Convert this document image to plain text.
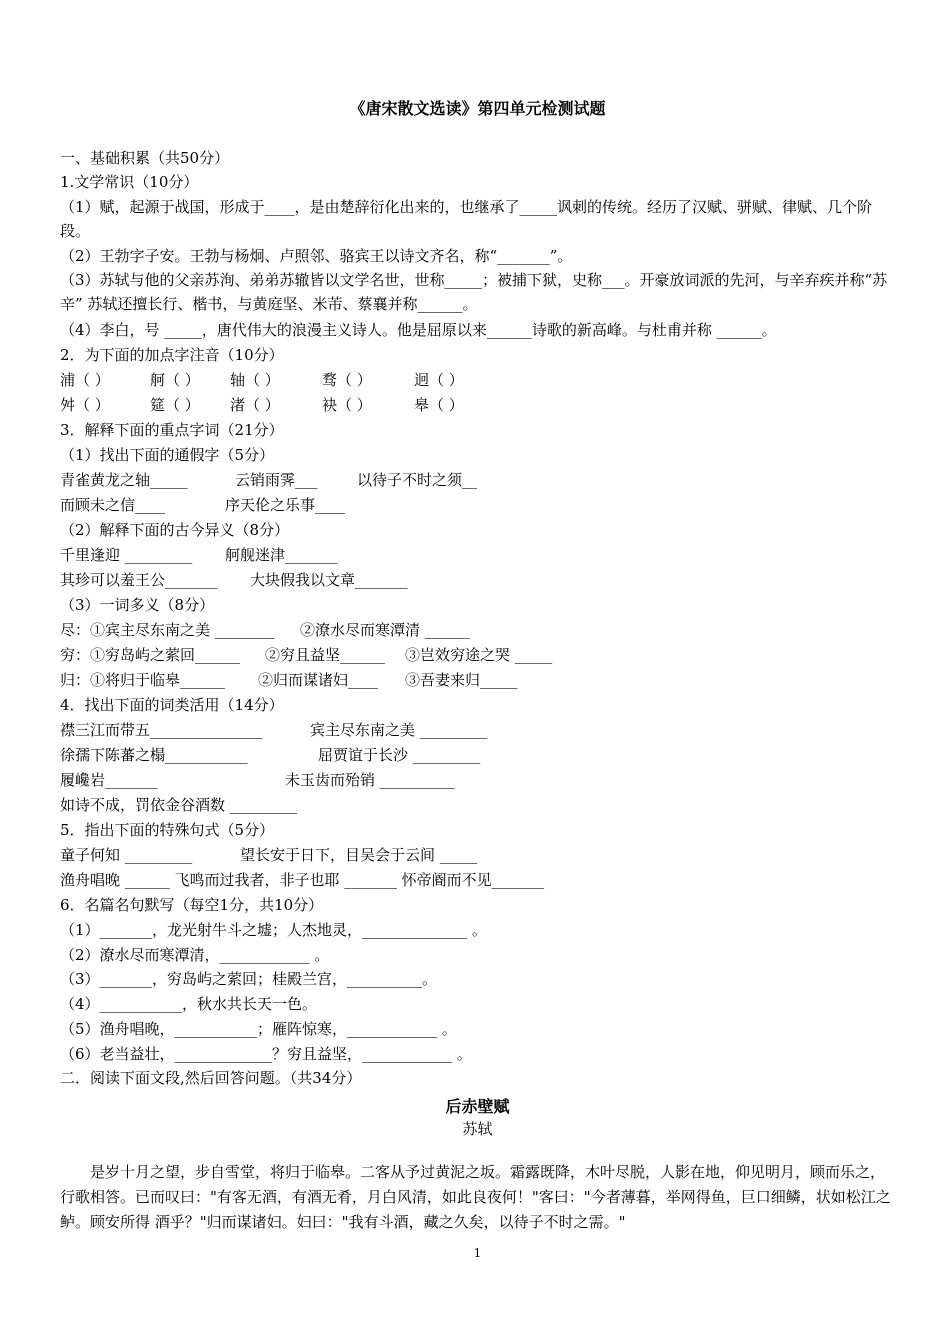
《唐宋散文选读》第四单元检测试题
一、基础积累（共50分）
1.文学常识（10分）
（1）赋，起源于战国，形成于____，是由楚辞衍化出来的，也继承了_____讽刺的传统。经历了汉赋、骈赋、律赋、几个阶段。
（2）王勃字子安。王勃与杨炯、卢照邻、骆宾王以诗文齐名，称“_______”。
（3）苏轼与他的父亲苏洵、弟弟苏辙皆以文学名世，世称_____；被捕下狱，史称___。开豪放词派的先河，与辛弃疾并称“苏辛” 苏轼还擅长行、楷书，与黄庭坚、米芾、蔡襄并称______。
（4）李白，号 _____，唐代伟大的浪漫主义诗人。他是屈原以来______诗歌的新高峰。与杜甫并称 ______。
2．为下面的加点字注音（10分）
浦（ ）	舸（ ） 轴（ ）	骛（ ）	迥（ ）
舛（ ）	筵（ ） 渚（ ）	袂（ ）	皋（ ）
3．解释下面的重点字词（21分）
（1）找出下面的通假字（5分）
青雀黄龙之轴_____	云销雨霁___	以待子不时之须__
而顾未之信____	序天伦之乐事____
（2）解释下面的古今异义（8分）
千里逢迎 _________ 舸舰迷津_______
其珍可以羞王公_______ 大块假我以文章_______
（3）一词多义（8分）
尽：①宾主尽东南之美 ________ ②潦水尽而寒潭清 ______
穷：①穷岛屿之萦回______ ②穷且益坚______ ③岂效穷途之哭 _____
归：①将归于临皋______ ②归而谋诸妇____ ③吾妻来归_____
4．找出下面的词类活用（14分）
襟三江而带五_______________	宾主尽东南之美 _________
徐孺下陈蕃之榻___________	屈贾谊于长沙 _________
履巉岩_______	未玉齿而殆销 __________
如诗不成，罚依金谷酒数 _________
5．指出下面的特殊句式（5分）
童子何知 _________	望长安于日下，目吴会于云间 _____
渔舟唱晚 ______ 飞鸣而过我者，非子也耶 _______ 怀帝阍而不见_______
6．名篇名句默写（每空1分，共10分）
（1）_______，龙光射牛斗之墟；人杰地灵，______________ 。
（2）潦水尽而寒潭清，____________ 。
（3）_______，穷岛屿之萦回；桂殿兰宫，__________。
（4）___________，秋水共长天一色。
（5）渔舟唱晚，___________；雁阵惊寒，____________ 。
（6）老当益壮，_____________？穷且益坚，____________ 。
二．阅读下面文段,然后回答问题。（共34分）
后赤壁赋
苏轼
是岁十月之望，步自雪堂，将归于临皋。二客从予过黄泥之坂。霜露既降，木叶尽脱，人影在地，仰见明月，顾而乐之，行歌相答。已而叹曰："有客无酒，有酒无肴，月白风清，如此良夜何！"客曰："今者薄暮，举网得鱼，巨口细鳞，状如松江之鲈。顾安所得 酒乎？"归而谋诸妇。妇曰："我有斗酒，藏之久矣，以待子不时之需。"
1
